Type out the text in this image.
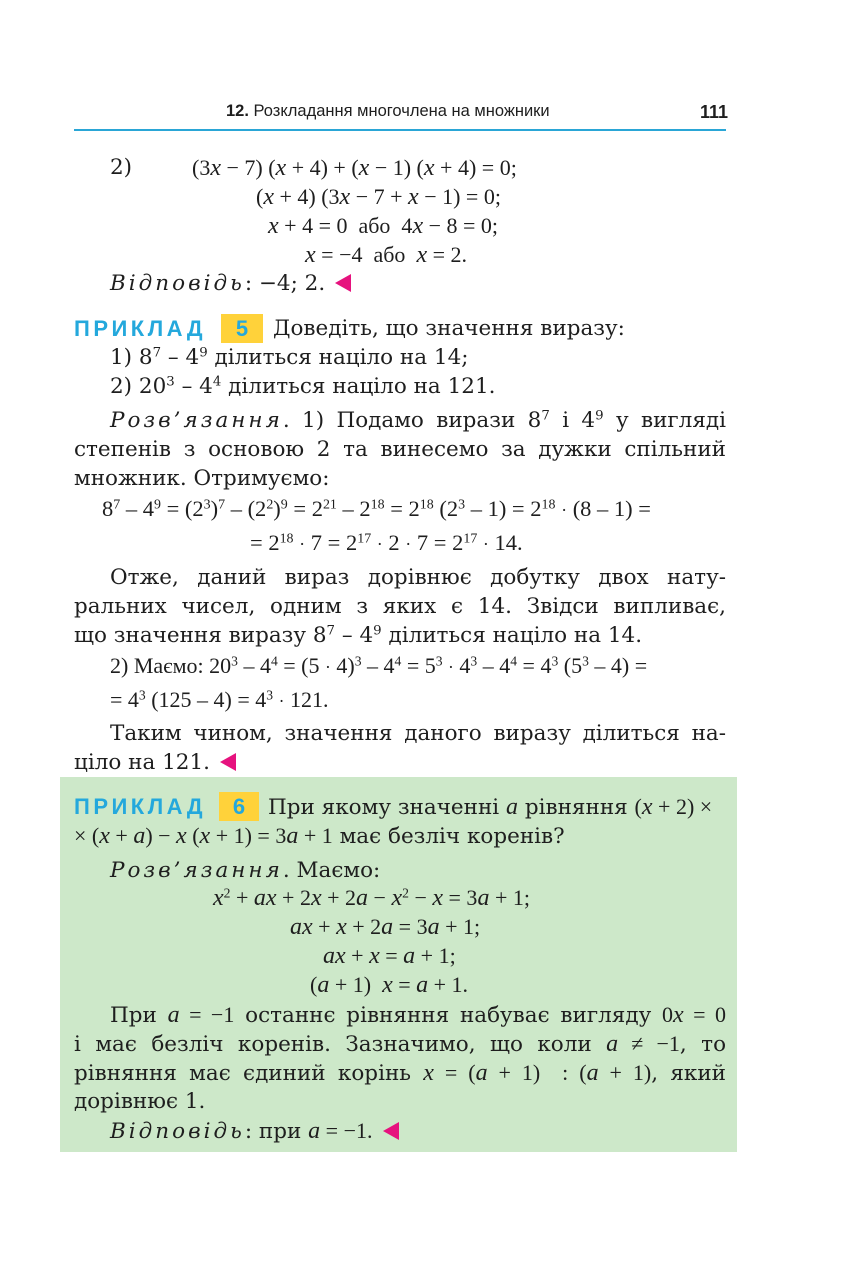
12. Розкладання многочлена на множники	111
2)	(3x − 7) (x + 4) + (x − 1) (x + 4) = 0;
(x + 4) (3x − 7 + x − 1) = 0;
x + 4 = 0  або  4x − 8 = 0;
x = −4  або  x = 2.
Відповідь: −4; 2.
ПРИКЛАД	5	Доведіть, що значення виразу:
1) $8^7 - 4^9$ ділиться націло на 14;
2) $20^3 - 4^4$ ділиться націло на 121.
Розв’язання. 1) Подамо вирази $8^7$ і $4^9$ у вигляді
степенів з основою 2 та винесемо за дужки спільний
множник. Отримуємо:
$8^7 - 4^9 = (2^3)^7 - (2^2)^9 = 2^{21} - 2^{18} = 2^{18}$ $(2^3 - 1) = 2^{18} \cdot (8 - 1)$ =
= $2^{18} \cdot 7 = 2^{17} \cdot 2 \cdot 7 = 2^{17} \cdot 14$.
Отже, даний вираз дорівнює добутку двох нату-
ральних чисел, одним з яких є 14. Звідси випливає,
що значення виразу $8^7 - 4^9$ ділиться націло на 14.
2) Маємо: $20^3 - 4^4 = (5 \cdot 4)^3 - 4^4 = 5^3 \cdot 4^3 - 4^4 = 4^3$ $(5^3 - 4)$ =
= $4^3$ $(125 - 4) = 4^3 \cdot 121$.
Таким чином, значення даного виразу ділиться на-
ціло на 121.
ПРИКЛАД	6	При якому значенні a рівняння (x + 2) ×
× (x + a) − x (x + 1) = 3a + 1 має безліч коренів?
Розв’язання. Маємо:
$x^2$ + ax + $2x + 2a - x^2 - x = 3a + 1$;
ax + x + 2a = 3a + 1;
ax + x = a + 1;
(a + 1)  x = a + 1.
При a = −1 останнє рівняння набуває вигляду 0x = 0
і має безліч коренів. Зазначимо, що коли a ≠ −1, то
рівняння має єдиний корінь x = (a + 1)  : (a + 1), який
дорівнює 1.
Відповідь: при a = −1.
